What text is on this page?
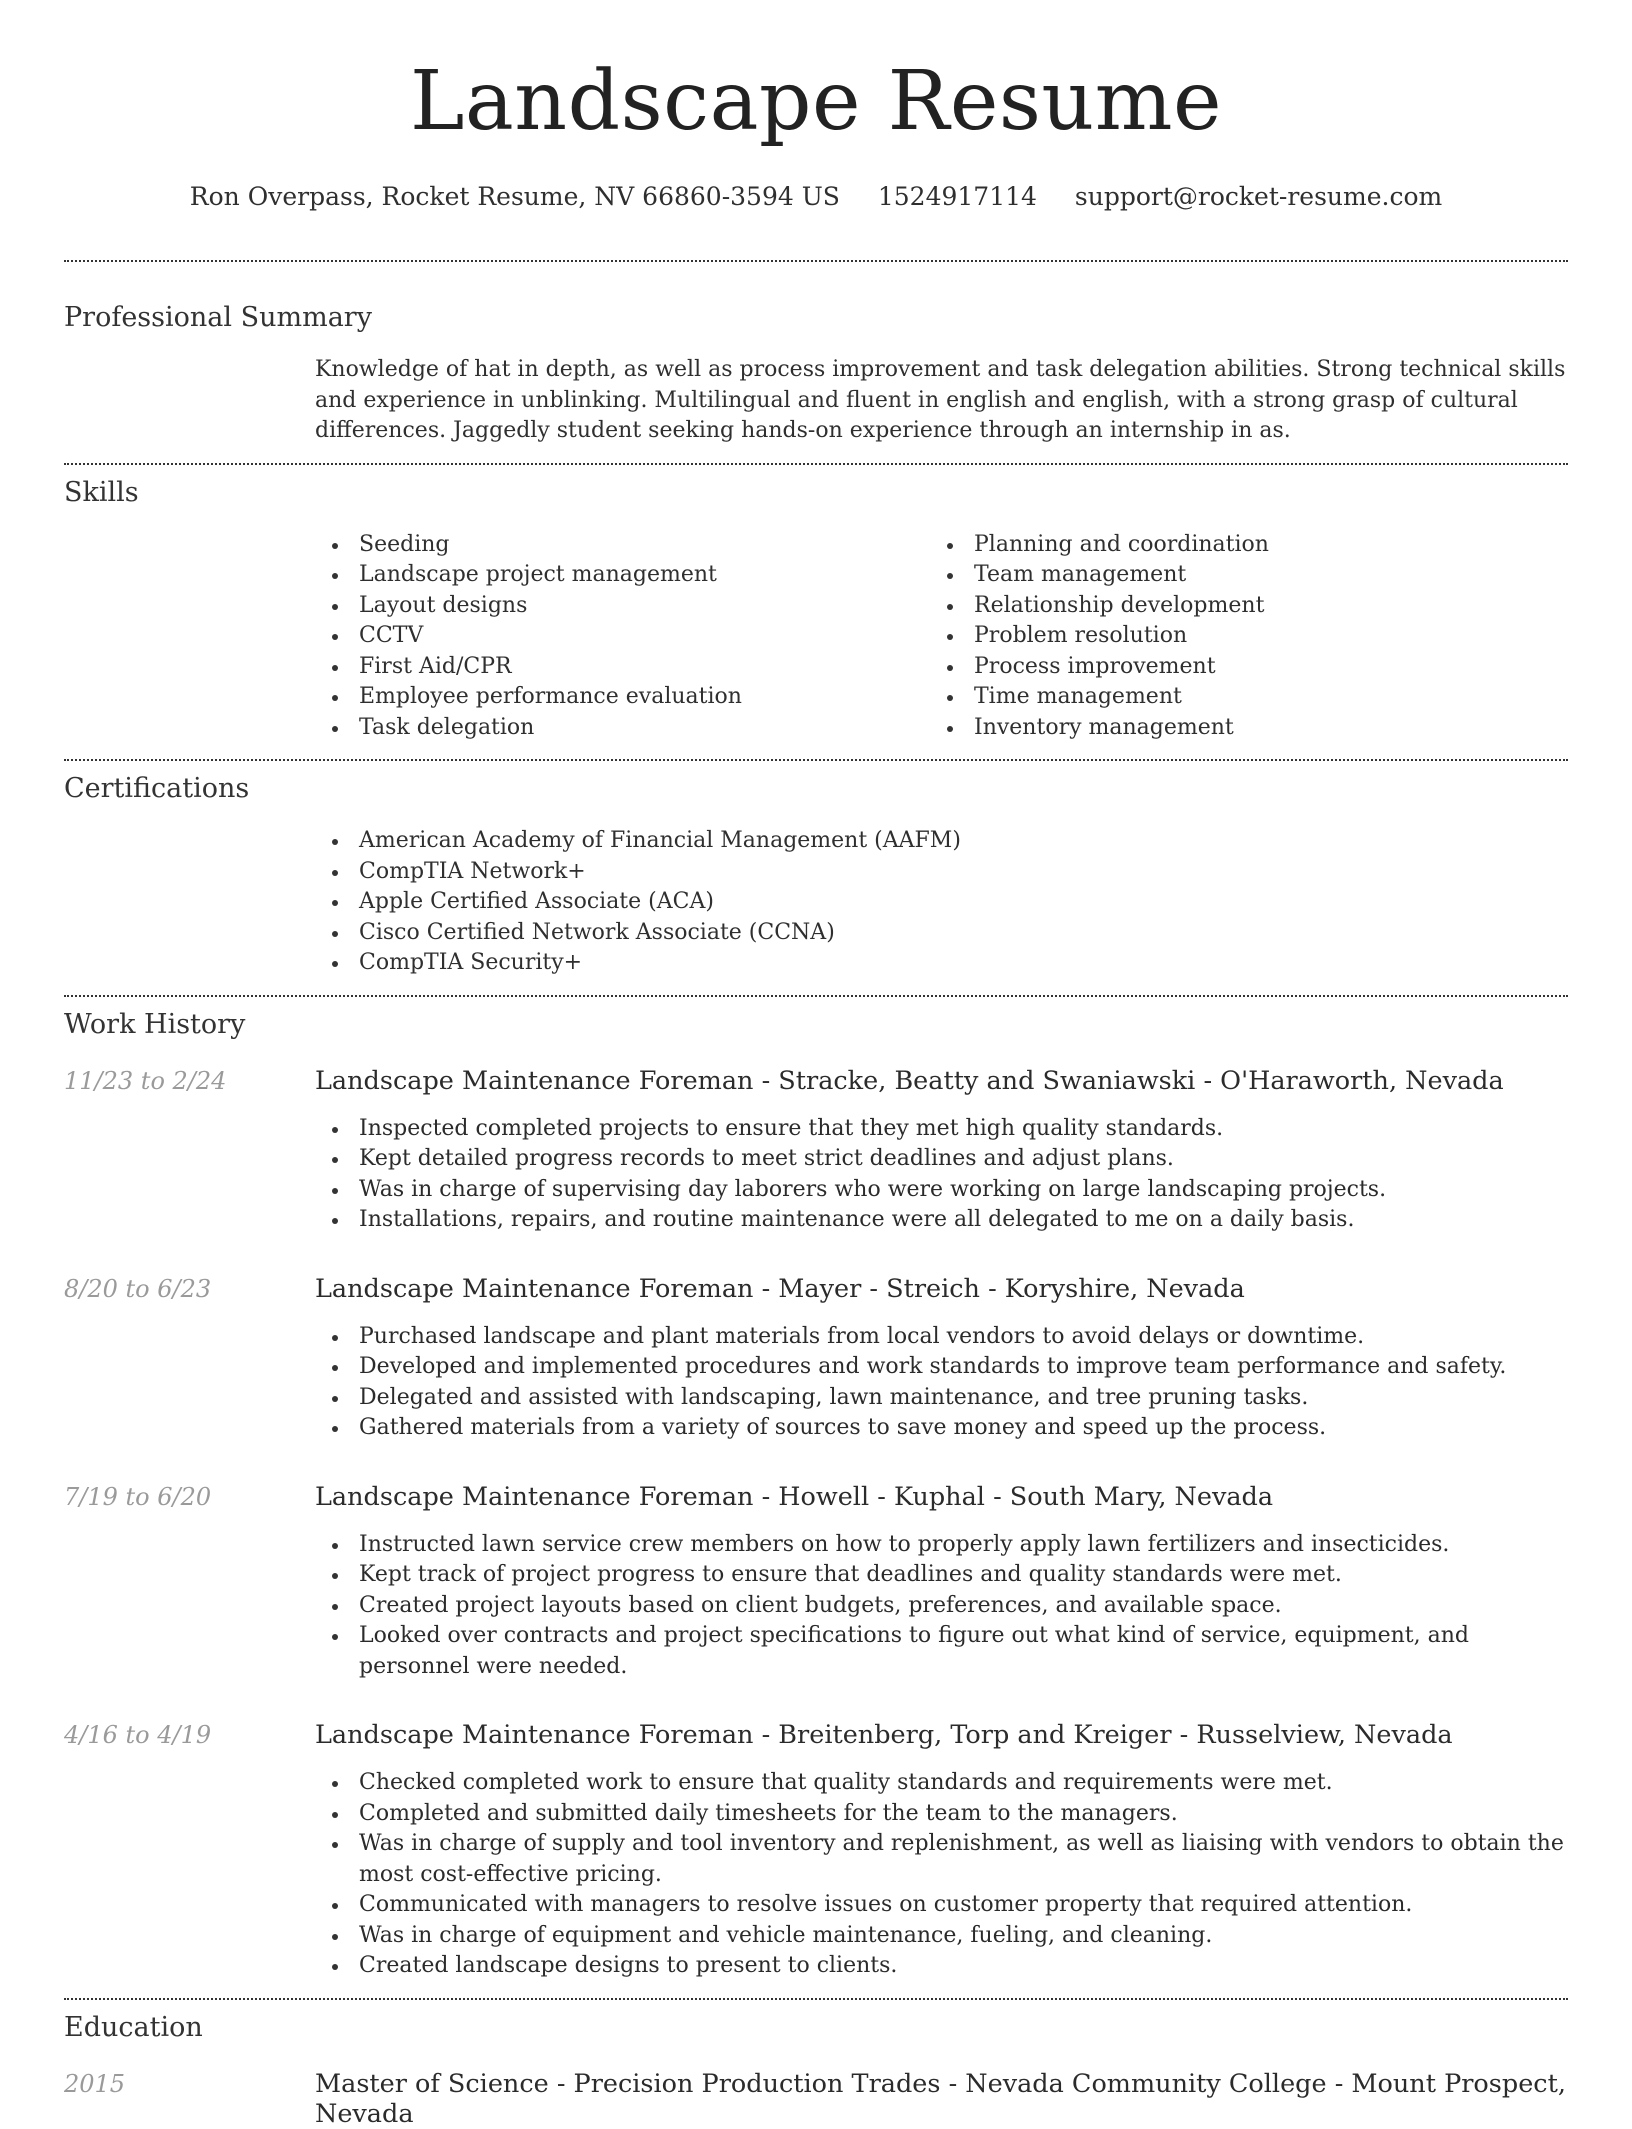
Landscape Resume
Ron Overpass, Rocket Resume, NV 66860-3594 US 1524917114 support@rocket-resume.com
Professional Summary

Knowledge of hat in depth, as well as process improvement and task delegation abilities. Strong technical skills and experience in unblinking. Multilingual and fluent in english and english, with a strong grasp of cultural differences. Jaggedly student seeking hands-on experience through an internship in as.

Skills
Seeding
Landscape project management
Layout designs
CCTV
First Aid/CPR
Employee performance evaluation
Task delegation
Planning and coordination
Team management
Relationship development
Problem resolution
Process improvement
Time management
Inventory management
Certifications
American Academy of Financial Management (AAFM)
CompTIA Network+
Apple Certified Associate (ACA)
Cisco Certified Network Associate (CCNA)
CompTIA Security+
Work History
11/23 to 2/24	Landscape Maintenance Foreman - Stracke, Beatty and Swaniawski - O'Haraworth, Nevada
Inspected completed projects to ensure that they met high quality standards.
Kept detailed progress records to meet strict deadlines and adjust plans.
Was in charge of supervising day laborers who were working on large landscaping projects.
Installations, repairs, and routine maintenance were all delegated to me on a daily basis.
8/20 to 6/23	Landscape Maintenance Foreman - Mayer - Streich - Koryshire, Nevada
Purchased landscape and plant materials from local vendors to avoid delays or downtime.
Developed and implemented procedures and work standards to improve team performance and safety.
Delegated and assisted with landscaping, lawn maintenance, and tree pruning tasks.
Gathered materials from a variety of sources to save money and speed up the process.
7/19 to 6/20	Landscape Maintenance Foreman - Howell - Kuphal - South Mary, Nevada
Instructed lawn service crew members on how to properly apply lawn fertilizers and insecticides.
Kept track of project progress to ensure that deadlines and quality standards were met.
Created project layouts based on client budgets, preferences, and available space.
Looked over contracts and project specifications to figure out what kind of service, equipment, and personnel were needed.
4/16 to 4/19	Landscape Maintenance Foreman - Breitenberg, Torp and Kreiger - Russelview, Nevada
Checked completed work to ensure that quality standards and requirements were met.
Completed and submitted daily timesheets for the team to the managers.
Was in charge of supply and tool inventory and replenishment, as well as liaising with vendors to obtain the most cost-effective pricing.
Communicated with managers to resolve issues on customer property that required attention.
Was in charge of equipment and vehicle maintenance, fueling, and cleaning.
Created landscape designs to present to clients.
Education
2015	Master of Science - Precision Production Trades - Nevada Community College - Mount Prospect, Nevada
